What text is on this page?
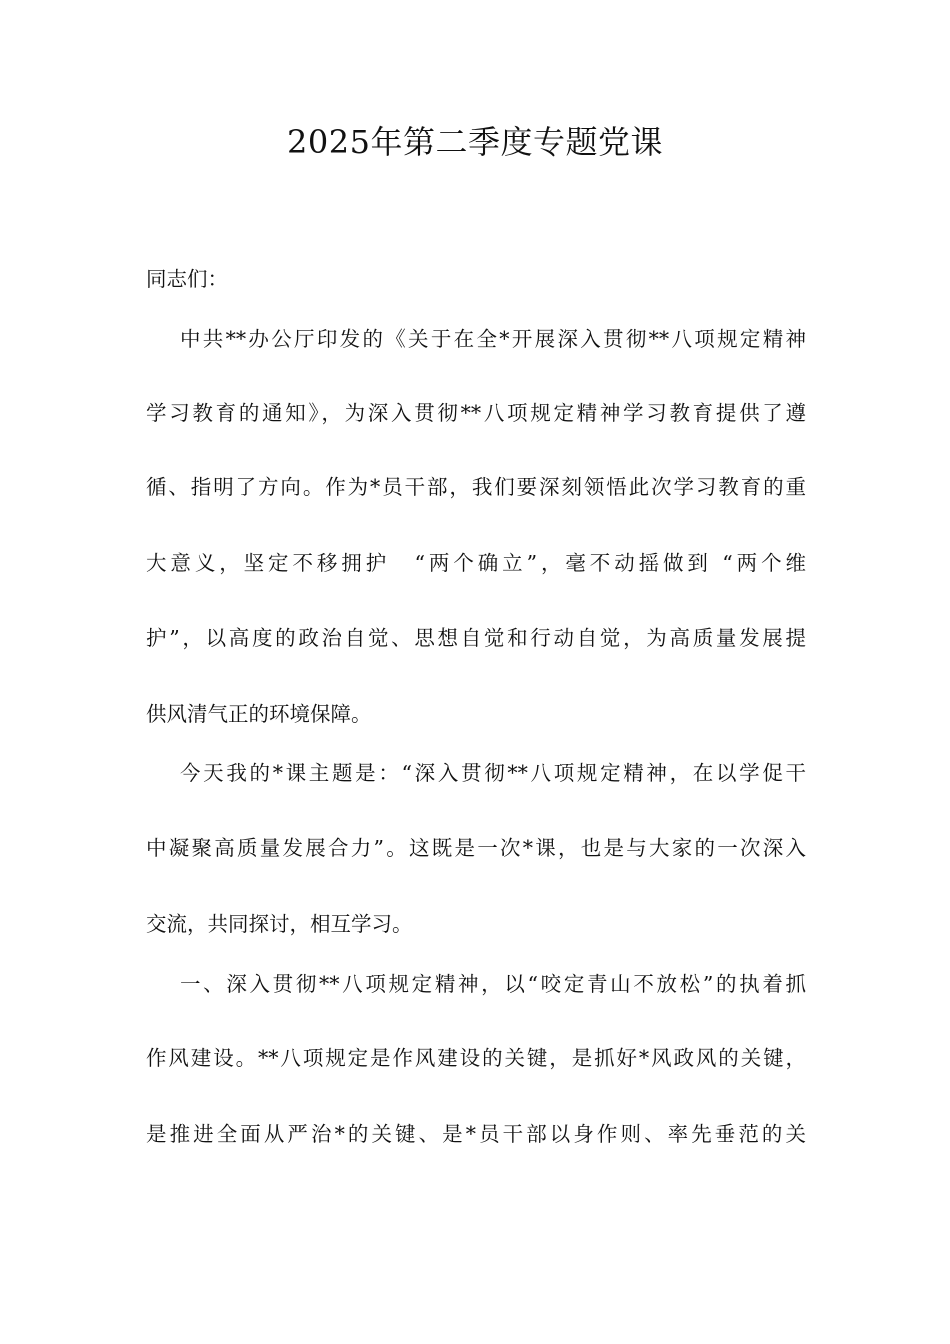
2025年第二季度专题党课
同志们：
中共**办公厅印发的《关于在全*开展深入贯彻**八项规定精神
学习教育的通知》，为深入贯彻**八项规定精神学习教育提供了遵
循、指明了方向。作为*员干部，我们要深刻领悟此次学习教育的重
大意义，坚定不移拥护　“两个确立”，毫不动摇做到 “两个维
护”，以高度的政治自觉、思想自觉和行动自觉，为高质量发展提
供风清气正的环境保障。
今天我的*课主题是：“深入贯彻**八项规定精神，在以学促干
中凝聚高质量发展合力”。这既是一次*课，也是与大家的一次深入
交流，共同探讨，相互学习。
一、深入贯彻**八项规定精神，以“咬定青山不放松”的执着抓
作风建设。**八项规定是作风建设的关键，是抓好*风政风的关键，
是推进全面从严治*的关键、是*员干部以身作则、率先垂范的关
